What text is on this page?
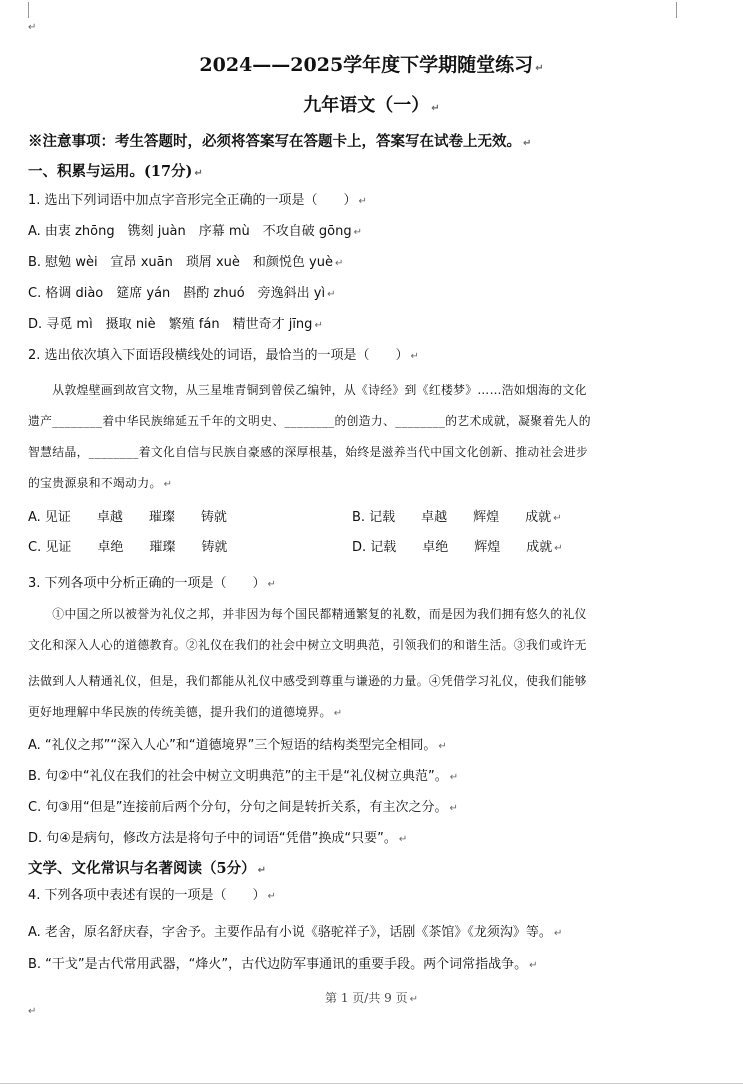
↵
2024——2025学年度下学期随堂练习 ↵
九年语文（一） ↵
※注意事项：考生答题时，必须将答案写在答题卡上，答案写在试卷上无效。 ↵
一、积累与运用。(17分) ↵
1. 选出下列词语中加点字音形完全正确的一项是（　　） ↵
A. 由衷 zhōng　镌刻 juàn　序幕 mù　不攻自破 gōng ↵
B. 慰勉 wèi　宣昂 xuān　琐屑 xuè　和颜悦色 yuè ↵
C. 格调 diào　筵席 yán　斟酌 zhuó　旁逸斜出 yì ↵
D. 寻觅 mì　摄取 niè　繁殖 fán　精世奇才 jīng ↵
2. 选出依次填入下面语段横线处的词语，最恰当的一项是（　　） ↵
　　从敦煌壁画到故宫文物，从三星堆青铜到曾侯乙编钟，从《诗经》到《红楼梦》……浩如烟海的文化
遗产________着中华民族绵延五千年的文明史、________的创造力、________的艺术成就，凝聚着先人的
智慧结晶，________着文化自信与民族自豪感的深厚根基，始终是滋养当代中国文化创新、推动社会进步
的宝贵源泉和不竭动力。 ↵
A. 见证　　卓越　　璀璨　　铸就	B. 记载　　卓越　　辉煌　　成就 ↵
C. 见证　　卓绝　　璀璨　　铸就	D. 记载　　卓绝　　辉煌　　成就 ↵
3. 下列各项中分析正确的一项是（　　） ↵
　　①中国之所以被誉为礼仪之邦，并非因为每个国民都精通繁复的礼数，而是因为我们拥有悠久的礼仪
文化和深入人心的道德教育。②礼仪在我们的社会中树立文明典范，引领我们的和谐生活。③我们或许无
法做到人人精通礼仪，但是，我们都能从礼仪中感受到尊重与谦逊的力量。④凭借学习礼仪，使我们能够
更好地理解中华民族的传统美德，提升我们的道德境界。 ↵
A. “礼仪之邦”“深入人心”和“道德境界”三个短语的结构类型完全相同。 ↵
B. 句②中“礼仪在我们的社会中树立文明典范”的主干是“礼仪树立典范”。 ↵
C. 句③用“但是”连接前后两个分句，分句之间是转折关系，有主次之分。 ↵
D. 句④是病句，修改方法是将句子中的词语“凭借”换成“只要”。 ↵
文学、文化常识与名著阅读（5分） ↵
4. 下列各项中表述有误的一项是（　　） ↵
A. 老舍，原名舒庆春，字舍予。主要作品有小说《骆驼祥子》，话剧《茶馆》《龙须沟》等。 ↵
B. “干戈”是古代常用武器，“烽火”，古代边防军事通讯的重要手段。两个词常指战争。 ↵
第 1 页/共 9 页 ↵
↵
